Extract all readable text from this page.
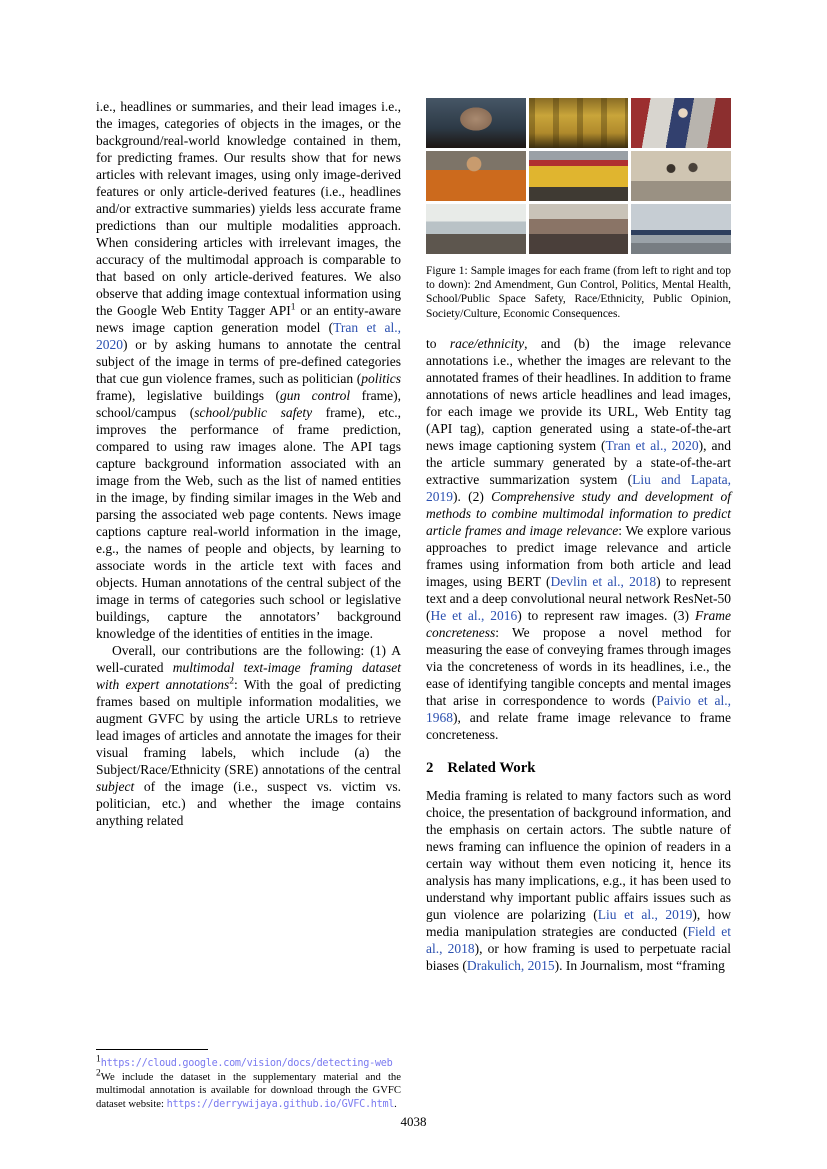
i.e., headlines or summaries, and their lead images i.e., the images, categories of objects in the images, or the background/real-world knowledge contained in them, for predicting frames. Our results show that for news articles with relevant images, using only image-derived features or only article-derived features (i.e., headlines and/or extractive summaries) yields less accurate frame predictions than our multiple modalities approach. When considering articles with irrelevant images, the accuracy of the multimodal approach is comparable to that based on only article-derived features. We also observe that adding image contextual information using the Google Web Entity Tagger API$^1$ or an entity-aware news image caption generation model (Tran et al., 2020) or by asking humans to annotate the central subject of the image in terms of pre-defined categories that cue gun violence frames, such as politician (politics frame), legislative buildings (gun control frame), school/campus (school/public safety frame), etc., improves the performance of frame prediction, compared to using raw images alone. The API tags capture background information associated with an image from the Web, such as the list of named entities in the image, by finding similar images in the Web and parsing the associated web page contents. News image captions capture real-world information in the image, e.g., the names of people and objects, by learning to associate words in the article text with faces and objects. Human annotations of the central subject of the image in terms of categories such school or legislative buildings, capture the annotators’ background knowledge of the identities of entities in the image.

Overall, our contributions are the following: (1) A well-curated multimodal text-image framing dataset with expert annotations$^2$: With the goal of predicting frames based on multiple information modalities, we augment GVFC by using the article URLs to retrieve lead images of articles and annotate the images for their visual framing labels, which include (a) the Subject/Race/Ethnicity (SRE) annotations of the central subject of the image (i.e., suspect vs. victim vs. politician, etc.) and whether the image contains anything related

$^1$https://cloud.google.com/vision/docs/detecting-web

$^2$We include the dataset in the supplementary material and the multimodal annotation is available for download through the GVFC dataset website: https://derrywijaya.github.io/GVFC.html.

Figure 1: Sample images for each frame (from left to right and top to down): 2nd Amendment, Gun Control, Politics, Mental Health, School/Public Space Safety, Race/Ethnicity, Public Opinion, Society/Culture, Economic Consequences.

to race/ethnicity, and (b) the image relevance annotations i.e., whether the images are relevant to the annotated frames of their headlines. In addition to frame annotations of news article headlines and lead images, for each image we provide its URL, Web Entity tag (API tag), caption generated using a state-of-the-art news image captioning system (Tran et al., 2020), and the article summary generated by a state-of-the-art extractive summarization system (Liu and Lapata, 2019). (2) Comprehensive study and development of methods to combine multimodal information to predict article frames and image relevance: We explore various approaches to predict image relevance and article frames using information from both article and lead images, using BERT (Devlin et al., 2018) to represent text and a deep convolutional neural network ResNet-50 (He et al., 2016) to represent raw images. (3) Frame concreteness: We propose a novel method for measuring the ease of conveying frames through images via the concreteness of words in its headlines, i.e., the ease of identifying tangible concepts and mental images that arise in correspondence to words (Paivio et al., 1968), and relate frame image relevance to frame concreteness.

2 Related Work

Media framing is related to many factors such as word choice, the presentation of background information, and the emphasis on certain actors. The subtle nature of news framing can influence the opinion of readers in a certain way without them even noticing it, hence its analysis has many implications, e.g., it has been used to understand why important public affairs issues such as gun violence are polarizing (Liu et al., 2019), how media manipulation strategies are conducted (Field et al., 2018), or how framing is used to perpetuate racial biases (Drakulich, 2015). In Journalism, most “framing

4038
